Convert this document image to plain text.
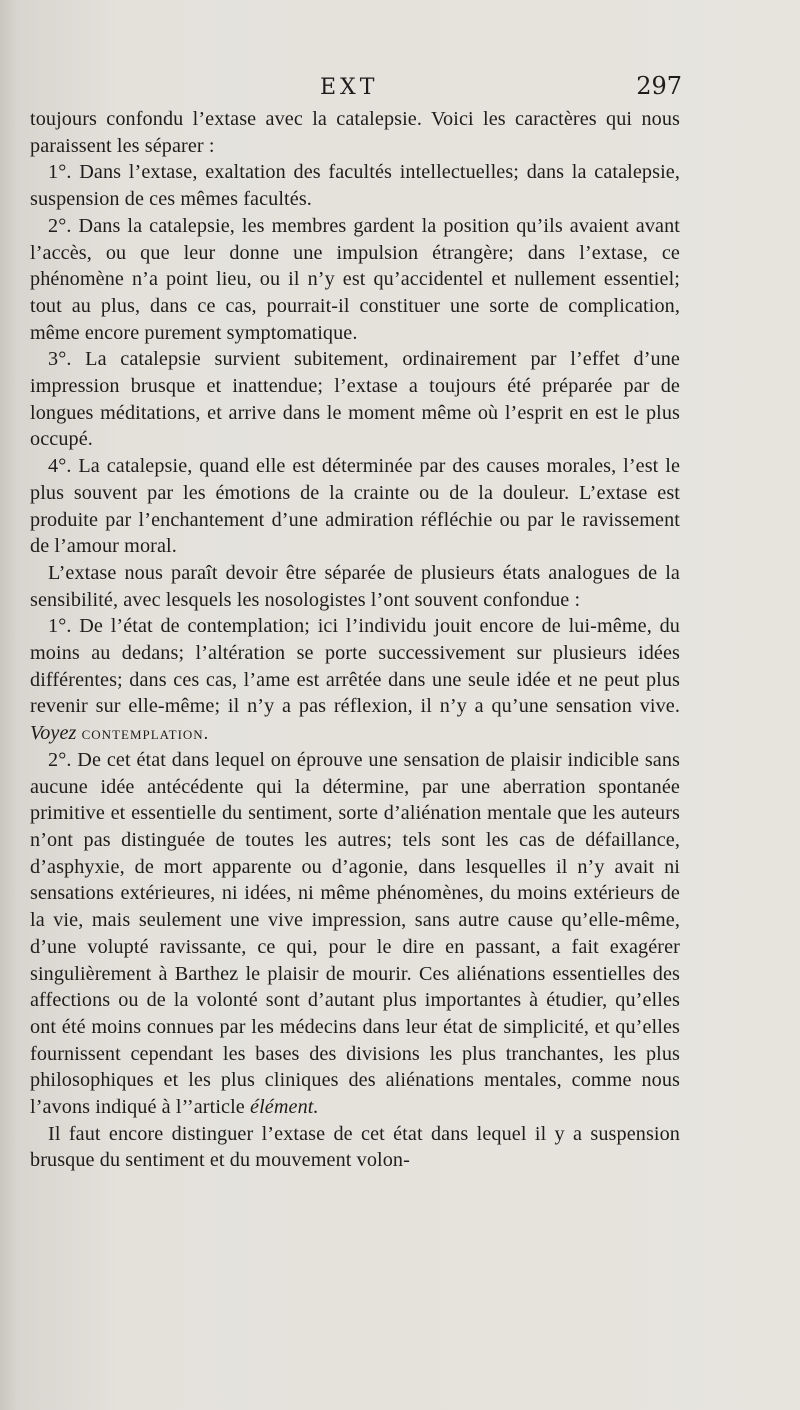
EXT	297

toujours confondu l’extase avec la catalepsie. Voici les caractères qui nous paraissent les séparer :

1°. Dans l’extase, exaltation des facultés intellectuelles; dans la catalepsie, suspension de ces mêmes facultés.

2°. Dans la catalepsie, les membres gardent la position qu’ils avaient avant l’accès, ou que leur donne une impulsion étrangère; dans l’extase, ce phénomène n’a point lieu, ou il n’y est qu’accidentel et nullement essentiel; tout au plus, dans ce cas, pourrait-il constituer une sorte de complication, même encore purement symptomatique.

3°. La catalepsie survient subitement, ordinairement par l’effet d’une impression brusque et inattendue; l’extase a toujours été préparée par de longues méditations, et arrive dans le moment même où l’esprit en est le plus occupé.

4°. La catalepsie, quand elle est déterminée par des causes morales, l’est le plus souvent par les émotions de la crainte ou de la douleur. L’extase est produite par l’enchantement d’une admiration réfléchie ou par le ravissement de l’amour moral.

L’extase nous paraît devoir être séparée de plusieurs états analogues de la sensibilité, avec lesquels les nosologistes l’ont souvent confondue :

1°. De l’état de contemplation; ici l’individu jouit encore de lui-même, du moins au dedans; l’altération se porte successivement sur plusieurs idées différentes; dans ces cas, l’ame est arrêtée dans une seule idée et ne peut plus revenir sur elle-même; il n’y a pas réflexion, il n’y a qu’une sensation vive. Voyez contemplation.

2°. De cet état dans lequel on éprouve une sensation de plaisir indicible sans aucune idée antécédente qui la détermine, par une aberration spontanée primitive et essentielle du sentiment, sorte d’aliénation mentale que les auteurs n’ont pas distinguée de toutes les autres; tels sont les cas de défaillance, d’asphyxie, de mort apparente ou d’agonie, dans lesquelles il n’y avait ni sensations extérieures, ni idées, ni même phénomènes, du moins extérieurs de la vie, mais seulement une vive impression, sans autre cause qu’elle-même, d’une volupté ravissante, ce qui, pour le dire en passant, a fait exagérer singulièrement à Barthez le plaisir de mourir. Ces aliénations essentielles des affections ou de la volonté sont d’autant plus importantes à étudier, qu’elles ont été moins connues par les médecins dans leur état de simplicité, et qu’elles fournissent cependant les bases des divisions les plus tranchantes, les plus philosophiques et les plus cliniques des aliénations mentales, comme nous l’avons indiqué à l’’article élément.

Il faut encore distinguer l’extase de cet état dans lequel il y a suspension brusque du sentiment et du mouvement volon-
